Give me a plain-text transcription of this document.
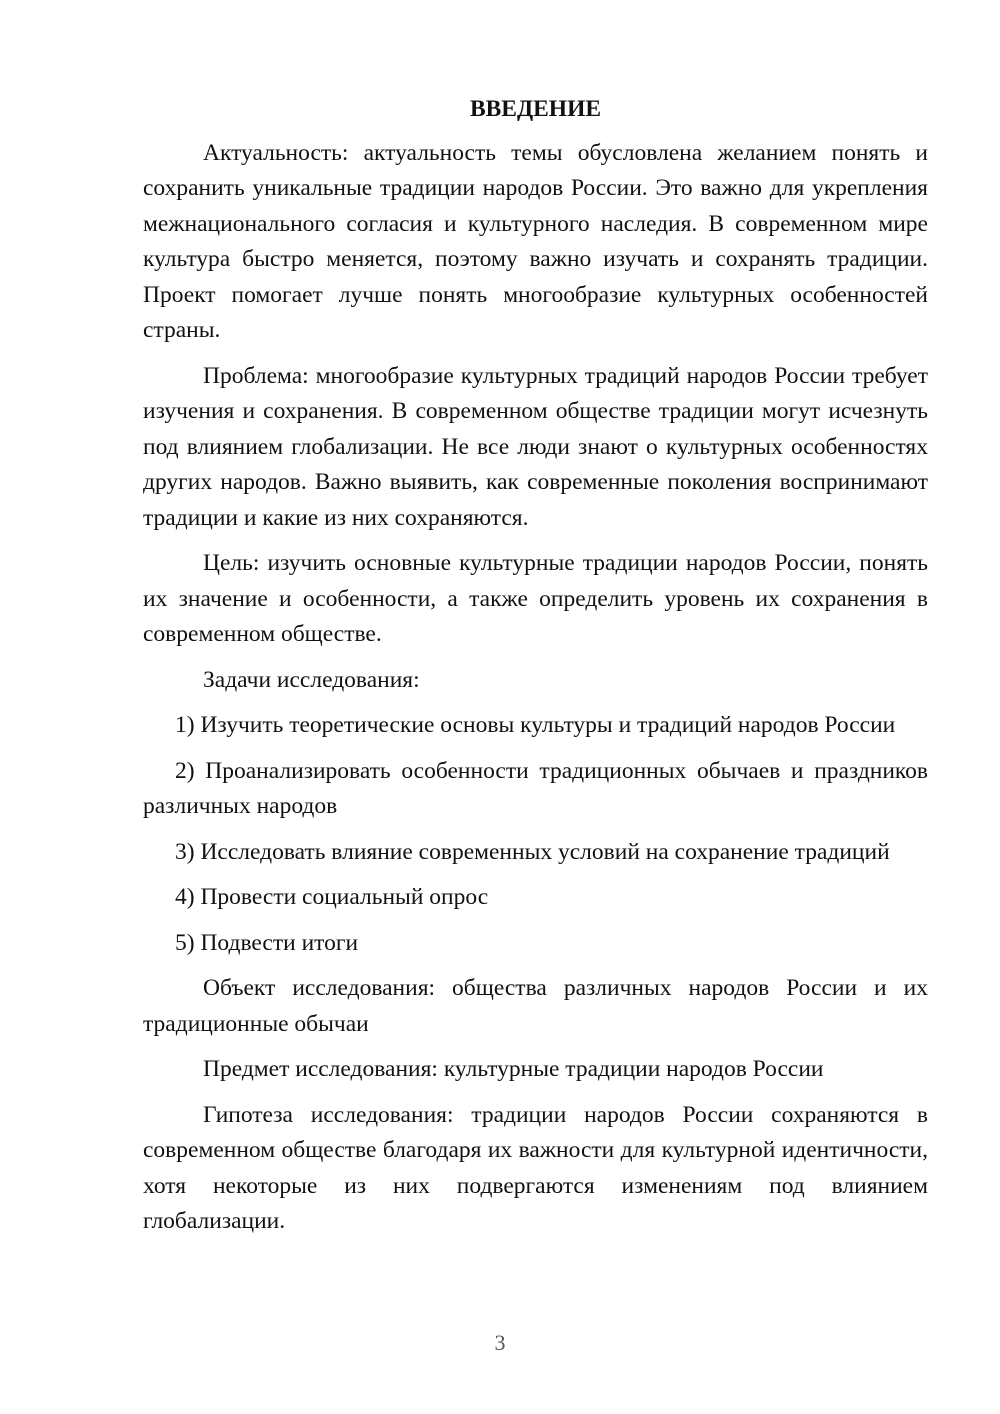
ВВЕДЕНИЕ

Актуальность: актуальность темы обусловлена желанием понять и сохранить уникальные традиции народов России. Это важно для укрепления межнационального согласия и культурного наследия. В современном мире культура быстро меняется, поэтому важно изучать и сохранять традиции. Проект помогает лучше понять многообразие культурных особенностей страны.

Проблема: многообразие культурных традиций народов России требует изучения и сохранения. В современном обществе традиции могут исчезнуть под влиянием глобализации. Не все люди знают о культурных особенностях других народов. Важно выявить, как современные поколения воспринимают традиции и какие из них сохраняются.

Цель: изучить основные культурные традиции народов России, понять их значение и особенности, а также определить уровень их сохранения в современном обществе.

Задачи исследования:

1) Изучить теоретические основы культуры и традиций народов России

2) Проанализировать особенности традиционных обычаев и праздников различных народов

3) Исследовать влияние современных условий на сохранение традиций

4) Провести социальный опрос

5) Подвести итоги

Объект исследования: общества различных народов России и их традиционные обычаи

Предмет исследования: культурные традиции народов России

Гипотеза исследования: традиции народов России сохраняются в современном обществе благодаря их важности для культурной идентичности, хотя некоторые из них подвергаются изменениям под влиянием глобализации.

3
